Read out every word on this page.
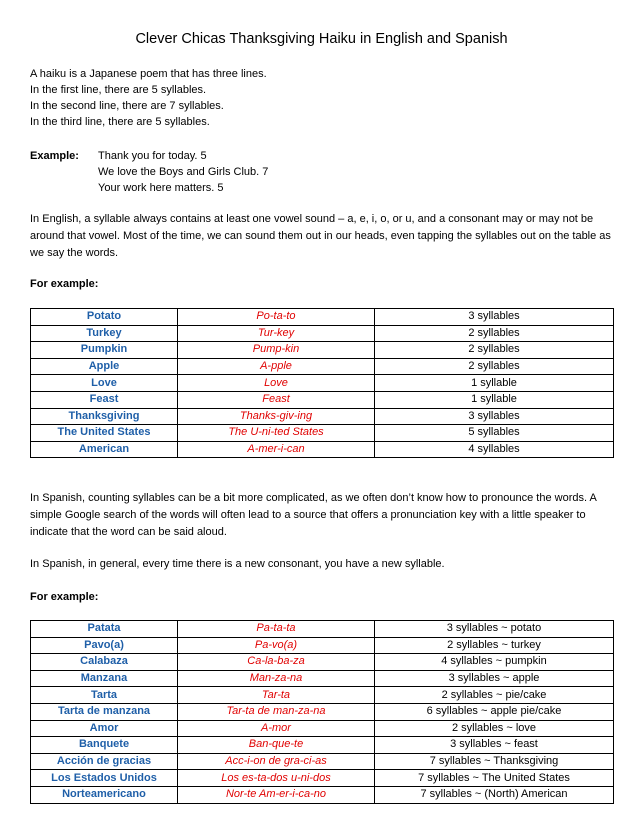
Clever Chicas Thanksgiving Haiku in English and Spanish
A haiku is a Japanese poem that has three lines.
In the first line, there are 5 syllables.
In the second line, there are 7 syllables.
In the third line, there are 5 syllables.
Example: Thank you for today. 5
We love the Boys and Girls Club. 7
Your work here matters. 5
In English, a syllable always contains at least one vowel sound – a, e, i, o, or u, and a consonant may or may not be around that vowel. Most of the time, we can sound them out in our heads, even tapping the syllables out on the table as we say the words.
For example:
Potato	Po-ta-to	3 syllables
Turkey	Tur-key	2 syllables
Pumpkin	Pump-kin	2 syllables
Apple	A-pple	2 syllables
Love	Love	1 syllable
Feast	Feast	1 syllable
Thanksgiving	Thanks-giv-ing	3 syllables
The United States	The U-ni-ted States	5 syllables
American	A-mer-i-can	4 syllables
In Spanish, counting syllables can be a bit more complicated, as we often don’t know how to pronounce the words. A simple Google search of the words will often lead to a source that offers a pronunciation key with a little speaker to indicate that the word can be said aloud.
In Spanish, in general, every time there is a new consonant, you have a new syllable.
For example:
Patata	Pa-ta-ta	3 syllables ~ potato
Pavo(a)	Pa-vo(a)	2 syllables ~ turkey
Calabaza	Ca-la-ba-za	4 syllables ~ pumpkin
Manzana	Man-za-na	3 syllables ~ apple
Tarta	Tar-ta	2 syllables ~ pie/cake
Tarta de manzana	Tar-ta de man-za-na	6 syllables ~ apple pie/cake
Amor	A-mor	2 syllables ~ love
Banquete	Ban-que-te	3 syllables ~ feast
Acción de gracias	Acc-i-on de gra-ci-as	7 syllables ~ Thanksgiving
Los Estados Unidos	Los es-ta-dos u-ni-dos	7 syllables ~ The United States
Norteamericano	Nor-te Am-er-i-ca-no	7 syllables ~ (North) American
